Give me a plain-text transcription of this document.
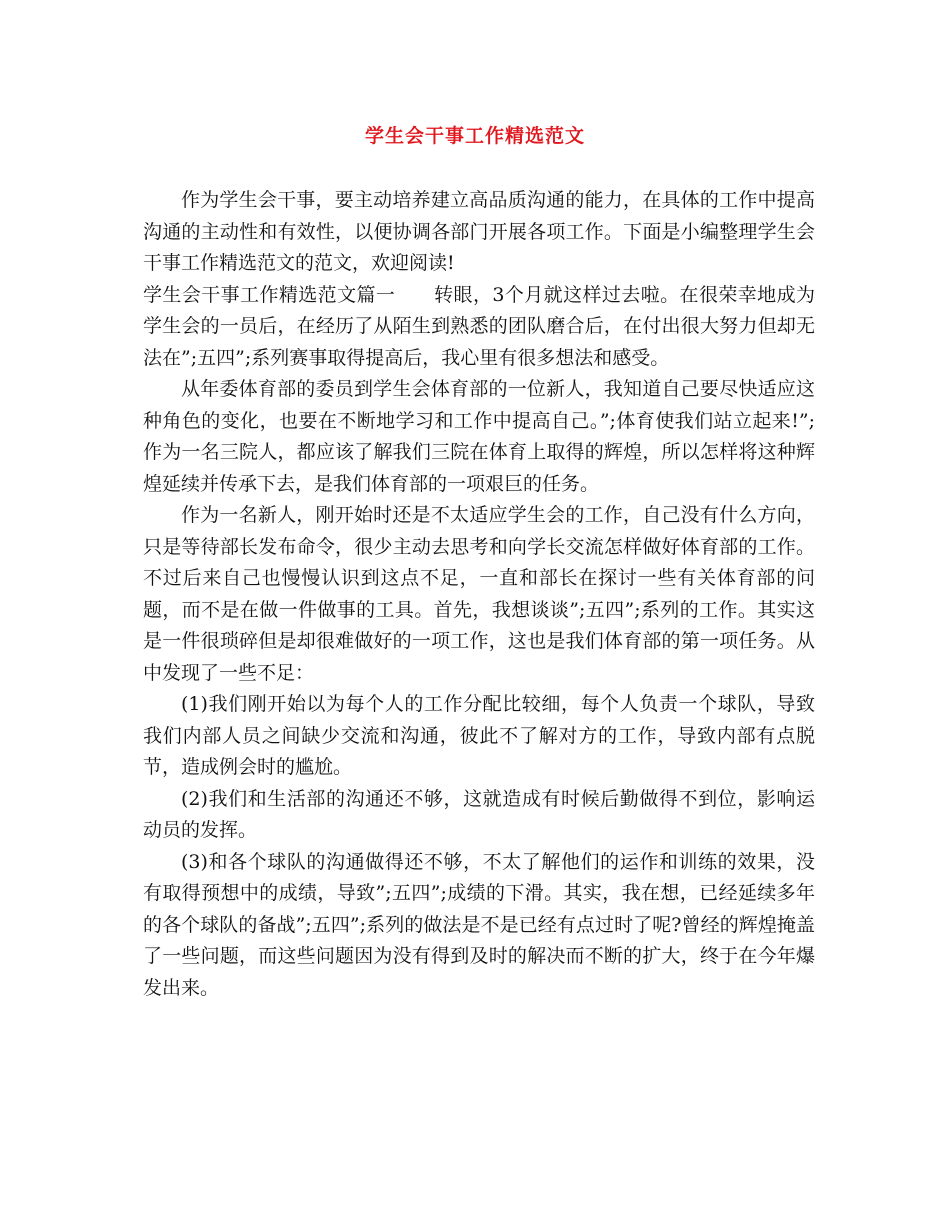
学生会干事工作精选范文

作为学生会干事，要主动培养建立高品质沟通的能力，在具体的工作中提高沟通的主动性和有效性，以便协调各部门开展各项工作。下面是小编整理学生会干事工作精选范文的范文，欢迎阅读!

学生会干事工作精选范文篇一　　转眼，3个月就这样过去啦。在很荣幸地成为学生会的一员后，在经历了从陌生到熟悉的团队磨合后，在付出很大努力但却无法在”;五四”;系列赛事取得提高后，我心里有很多想法和感受。

从年委体育部的委员到学生会体育部的一位新人，我知道自己要尽快适应这种角色的变化，也要在不断地学习和工作中提高自己。”;体育使我们站立起来!”;作为一名三院人，都应该了解我们三院在体育上取得的辉煌，所以怎样将这种辉煌延续并传承下去，是我们体育部的一项艰巨的任务。

作为一名新人，刚开始时还是不太适应学生会的工作，自己没有什么方向，只是等待部长发布命令，很少主动去思考和向学长交流怎样做好体育部的工作。不过后来自己也慢慢认识到这点不足，一直和部长在探讨一些有关体育部的问题，而不是在做一件做事的工具。首先，我想谈谈”;五四”;系列的工作。其实这是一件很琐碎但是却很难做好的一项工作，这也是我们体育部的第一项任务。从中发现了一些不足：

(1)我们刚开始以为每个人的工作分配比较细，每个人负责一个球队，导致我们内部人员之间缺少交流和沟通，彼此不了解对方的工作，导致内部有点脱节，造成例会时的尴尬。

(2)我们和生活部的沟通还不够，这就造成有时候后勤做得不到位，影响运动员的发挥。

(3)和各个球队的沟通做得还不够，不太了解他们的运作和训练的效果，没有取得预想中的成绩，导致”;五四”;成绩的下滑。其实，我在想，已经延续多年的各个球队的备战”;五四”;系列的做法是不是已经有点过时了呢?曾经的辉煌掩盖了一些问题，而这些问题因为没有得到及时的解决而不断的扩大，终于在今年爆发出来。
